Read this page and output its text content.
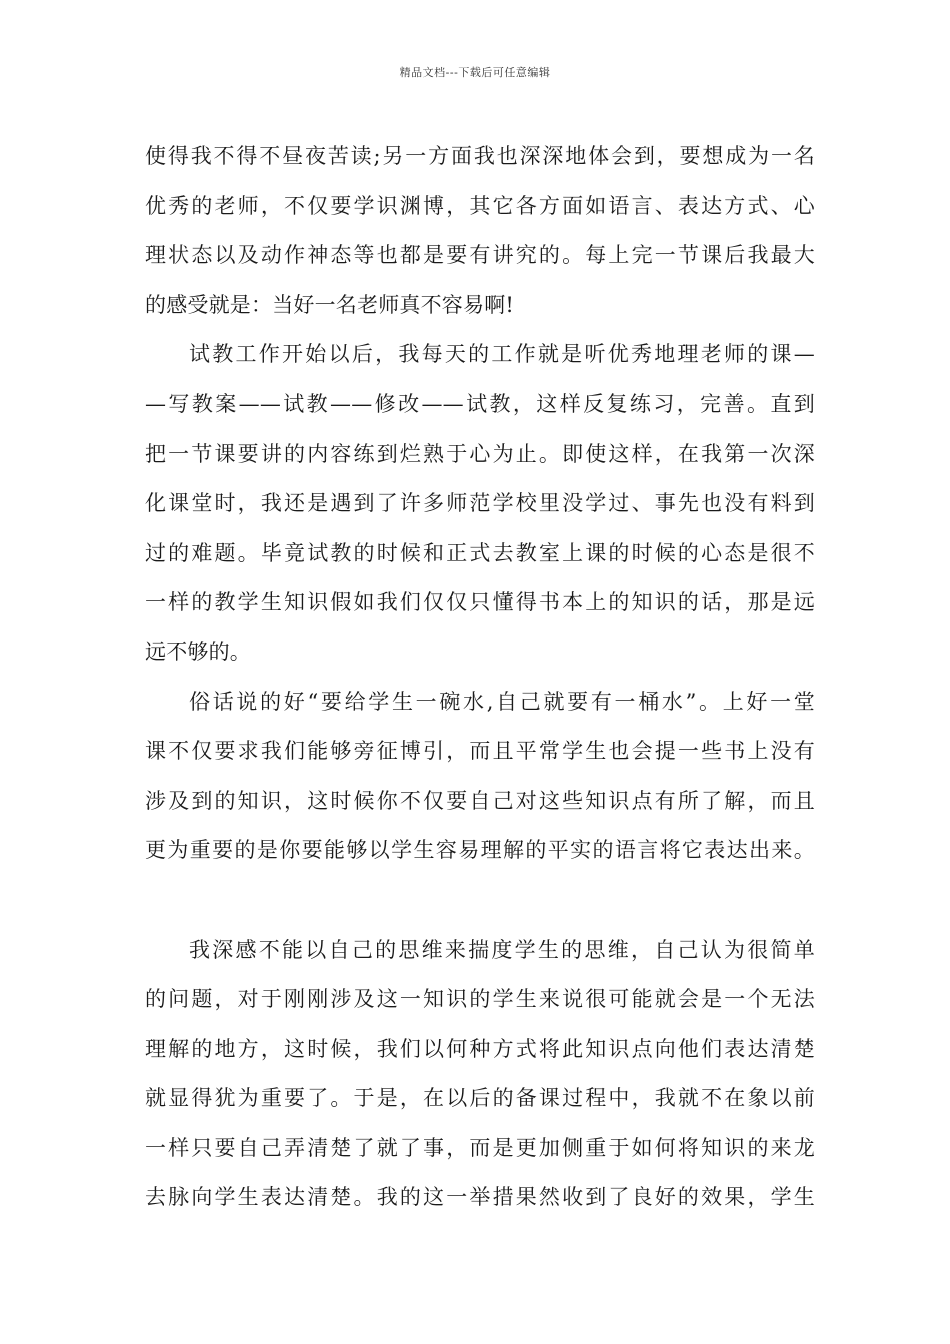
精品文档---下载后可任意编辑
使得我不得不昼夜苦读;另一方面我也深深地体会到，要想成为一名
优秀的老师，不仅要学识渊博，其它各方面如语言、表达方式、心
理状态以及动作神态等也都是要有讲究的。每上完一节课后我最大
的感受就是：当好一名老师真不容易啊!
试教工作开始以后，我每天的工作就是听优秀地理老师的课—
—写教案——试教——修改——试教，这样反复练习，完善。直到
把一节课要讲的内容练到烂熟于心为止。即使这样，在我第一次深
化课堂时，我还是遇到了许多师范学校里没学过、事先也没有料到
过的难题。毕竟试教的时候和正式去教室上课的时候的心态是很不
一样的教学生知识假如我们仅仅只懂得书本上的知识的话，那是远
远不够的。
俗话说的好“要给学生一碗水,自己就要有一桶水”。上好一堂
课不仅要求我们能够旁征博引，而且平常学生也会提一些书上没有
涉及到的知识，这时候你不仅要自己对这些知识点有所了解，而且
更为重要的是你要能够以学生容易理解的平实的语言将它表达出来。
我深感不能以自己的思维来揣度学生的思维，自己认为很简单
的问题，对于刚刚涉及这一知识的学生来说很可能就会是一个无法
理解的地方，这时候，我们以何种方式将此知识点向他们表达清楚
就显得犹为重要了。于是，在以后的备课过程中，我就不在象以前
一样只要自己弄清楚了就了事，而是更加侧重于如何将知识的来龙
去脉向学生表达清楚。我的这一举措果然收到了良好的效果，学生
